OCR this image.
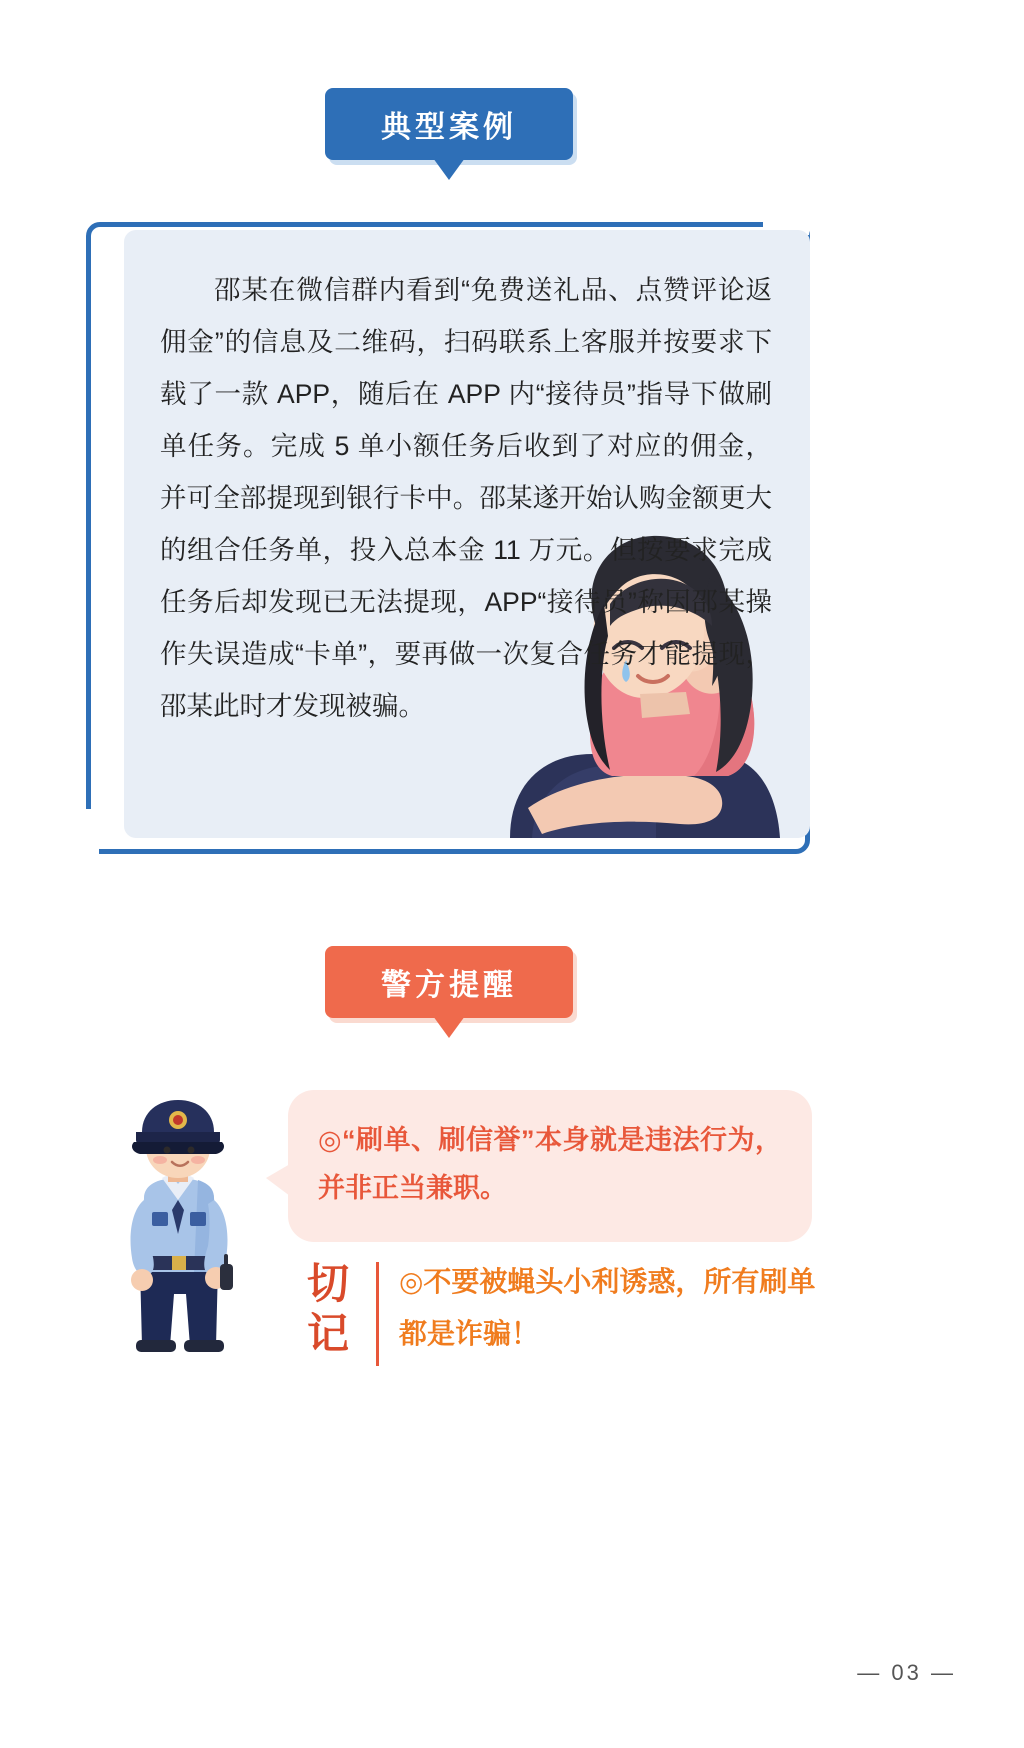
典型案例
邵某在微信群内看到“免费送礼品、点赞评论返佣金”的信息及二维码，扫码联系上客服并按要求下载了一款 APP，随后在 APP 内“接待员”指导下做刷单任务。完成 5 单小额任务后收到了对应的佣金，并可全部提现到银行卡中。邵某遂开始认购金额更大的组合任务单，投入总本金 11 万元。但按要求完成任务后却发现已无法提现，APP“接待员”称因邵某操作失误造成“卡单”，要再做一次复合任务才能提现，邵某此时才发现被骗。
警方提醒
◎“刷单、刷信誉”本身就是违法行为，并非正当兼职。
切记
◎不要被蝇头小利诱惑，所有刷单都是诈骗！
— 03 —
